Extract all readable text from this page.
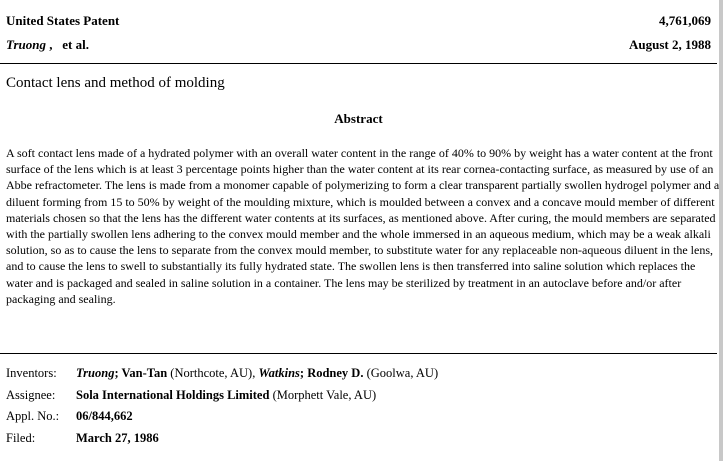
United States Patent	4,761,069
Truong ,   et al.	August 2, 1988
Contact lens and method of molding
Abstract

A soft contact lens made of a hydrated polymer with an overall water content in the range of 40% to 90% by weight has a water content at the front surface of the lens which is at least 3 percentage points higher than the water content at its rear cornea-contacting surface, as measured by use of an Abbe refractometer. The lens is made from a monomer capable of polymerizing to form a clear transparent partially swollen hydrogel polymer and a diluent forming from 15 to 50% by weight of the moulding mixture, which is moulded between a convex and a concave mould member of different materials chosen so that the lens has the different water contents at its surfaces, as mentioned above. After curing, the mould members are separated with the partially swollen lens adhering to the convex mould member and the whole immersed in an aqueous medium, which may be a weak alkali solution, so as to cause the lens to separate from the convex mould member, to substitute water for any replaceable non-aqueous diluent in the lens, and to cause the lens to swell to substantially its fully hydrated state. The swollen lens is then transferred into saline solution which replaces the water and is packaged and sealed in saline solution in a container. The lens may be sterilized by treatment in an autoclave before and/or after packaging and sealing.

Inventors:	Truong; Van-Tan (Northcote, AU), Watkins; Rodney D. (Goolwa, AU)
Assignee:	Sola International Holdings Limited (Morphett Vale, AU)
Appl. No.:	06/844,662
Filed:	March 27, 1986
